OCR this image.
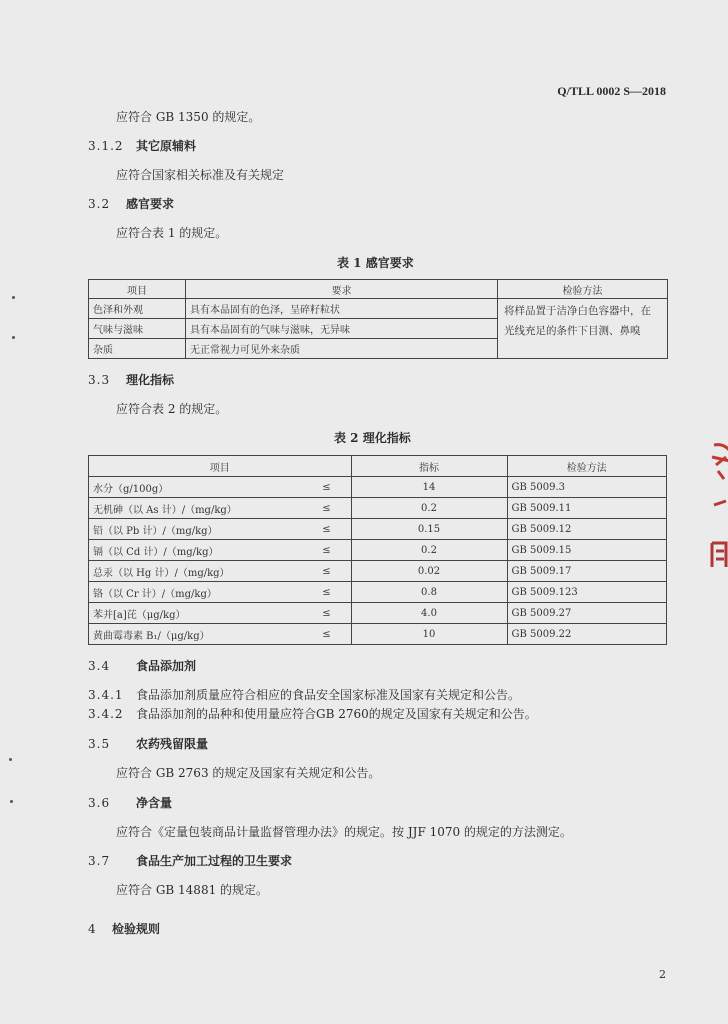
Q/TLL 0002 S—2018
应符合 GB 1350 的规定。
3.1.2 其它原辅料
应符合国家相关标准及有关规定
3.2 感官要求
应符合表 1 的规定。
表 1 感官要求
项目	要求	检验方法
色泽和外观	具有本品固有的色泽，呈碎籽粒状	将样品置于洁净白色容器中，在光线充足的条件下目测、鼻嗅
气味与滋味	具有本品固有的气味与滋味，无异味	
杂质	无正常视力可见外来杂质	
3.3 理化指标
应符合表 2 的规定。
表 2 理化指标
项目		指标	检验方法
水分（g/100g）	≤	14	GB 5009.3
无机砷（以 As 计）/（mg/kg）	≤	0.2	GB 5009.11
铅（以 Pb 计）/（mg/kg）	≤	0.15	GB 5009.12
镉（以 Cd 计）/（mg/kg）	≤	0.2	GB 5009.15
总汞（以 Hg 计）/（mg/kg）	≤	0.02	GB 5009.17
铬（以 Cr 计）/（mg/kg）	≤	0.8	GB 5009.123
苯并[a]芘（μg/kg）	≤	4.0	GB 5009.27
黄曲霉毒素 B₁/（μg/kg）	≤	10	GB 5009.22
3.4 食品添加剂
3.4.1 食品添加剂质量应符合相应的食品安全国家标准及国家有关规定和公告。
3.4.2 食品添加剂的品种和使用量应符合GB 2760的规定及国家有关规定和公告。
3.5 农药残留限量
应符合 GB 2763 的规定及国家有关规定和公告。
3.6 净含量
应符合《定量包装商品计量监督管理办法》的规定。按 JJF 1070 的规定的方法测定。
3.7 食品生产加工过程的卫生要求
应符合 GB 14881 的规定。
4 检验规则
2
